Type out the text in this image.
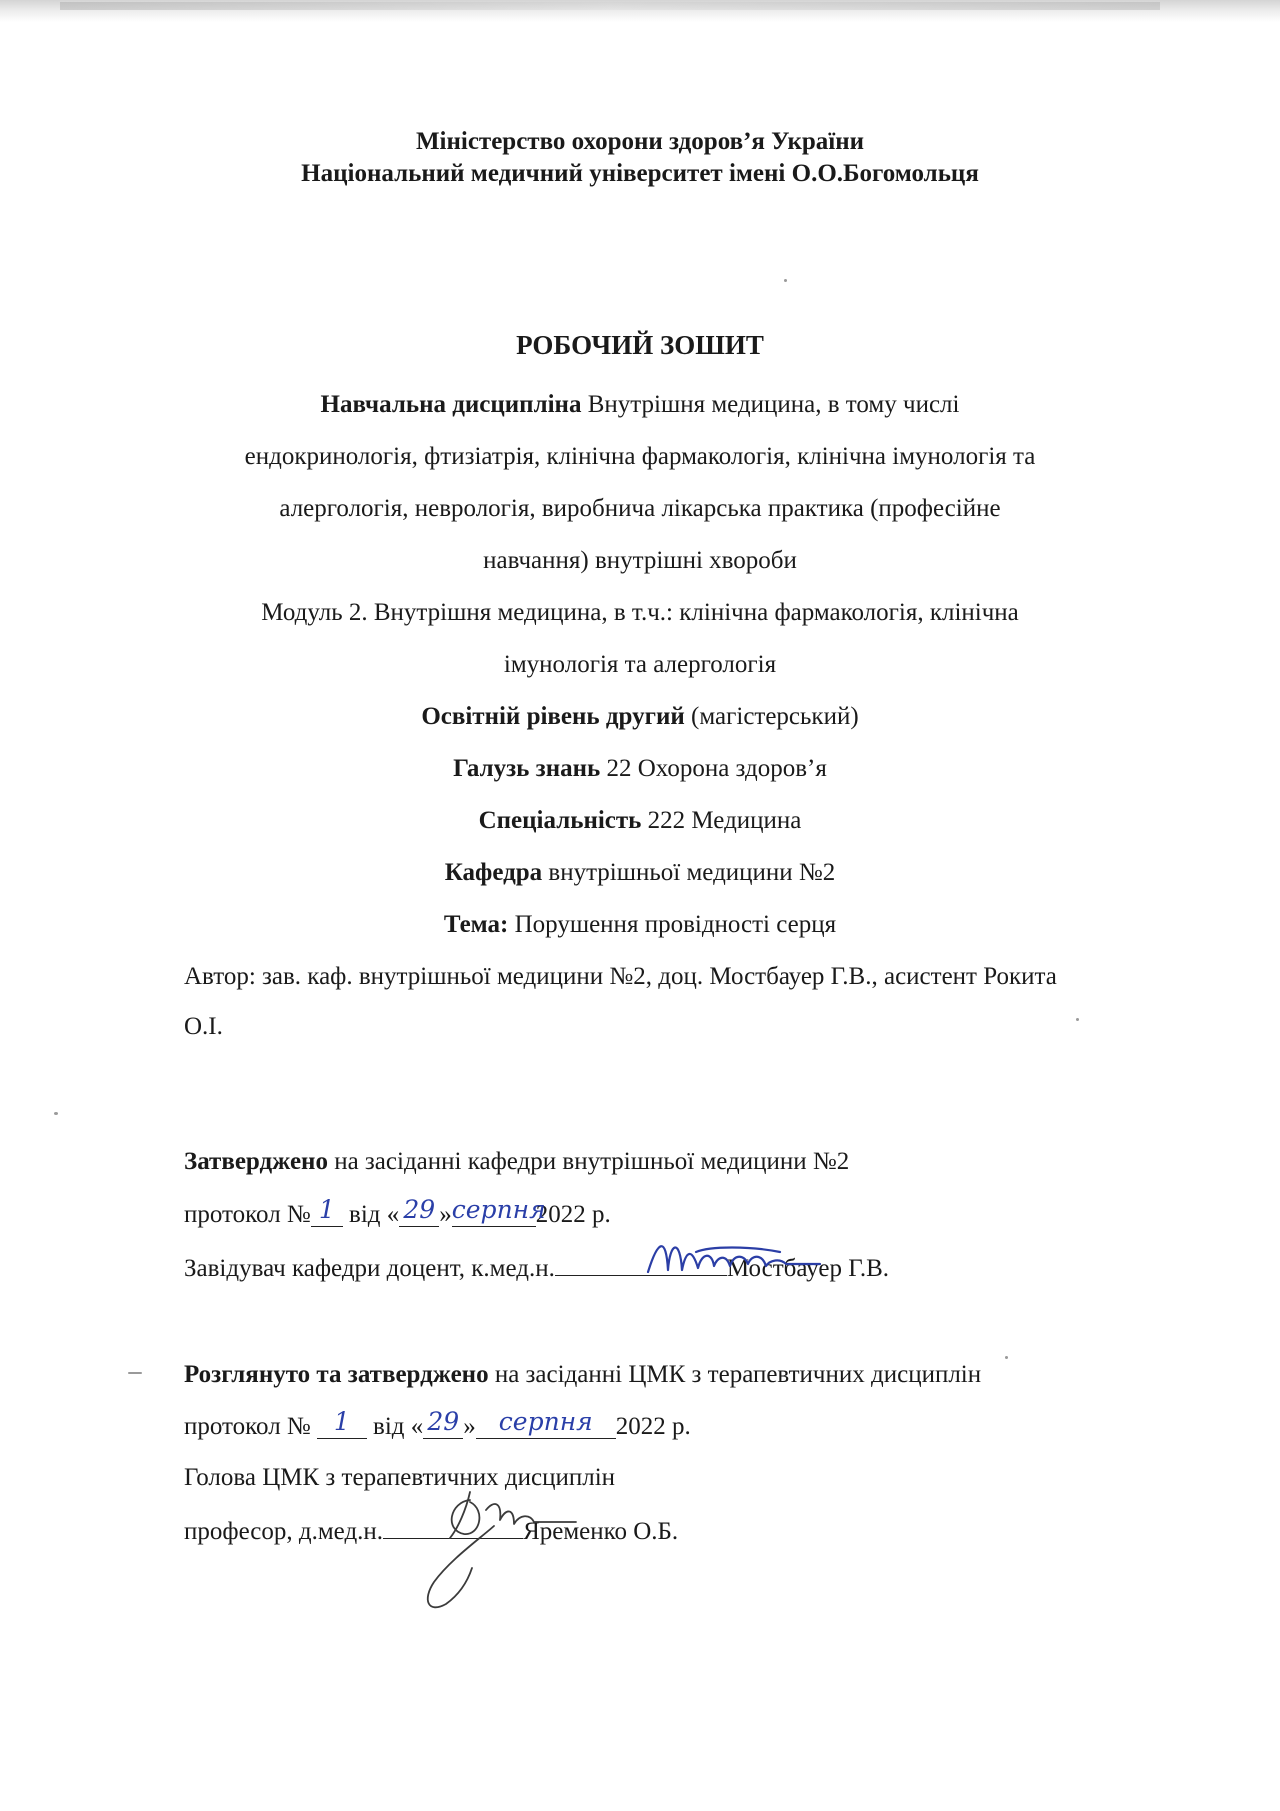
Міністерство охорони здоров’я України
Національний медичний університет імені О.О.Богомольця
РОБОЧИЙ ЗОШИТ
Навчальна дисципліна Внутрішня медицина, в тому числі
ендокринологія, фтизіатрія, клінічна фармакологія, клінічна імунологія та
алергологія, неврологія, виробнича лікарська практика (професійне
навчання) внутрішні хвороби
Модуль 2. Внутрішня медицина, в т.ч.: клінічна фармакологія, клінічна
імунологія та алергологія
Освітній рівень другий (магістерський)
Галузь знань 22 Охорона здоров’я
Спеціальність 222 Медицина
Кафедра внутрішньої медицини №2
Тема: Порушення провідності серця
Автор: зав. каф. внутрішньої медицини №2, доц. Мостбауер Г.В., асистент Рокита
О.І.
Затверджено на засіданні кафедри внутрішньої медицини №2
протокол № 1 від « 29 »серпня2022 р.
Завідувач кафедри доцент, к.мед.н.	Мостбауер Г.В.
Розглянуто та затверджено на засіданні ЦМК з терапевтичних дисциплін
протокол № 1 від « 29 » серпня 2022 р.
Голова ЦМК з терапевтичних дисциплін
професор, д.мед.н.	Яременко О.Б.
